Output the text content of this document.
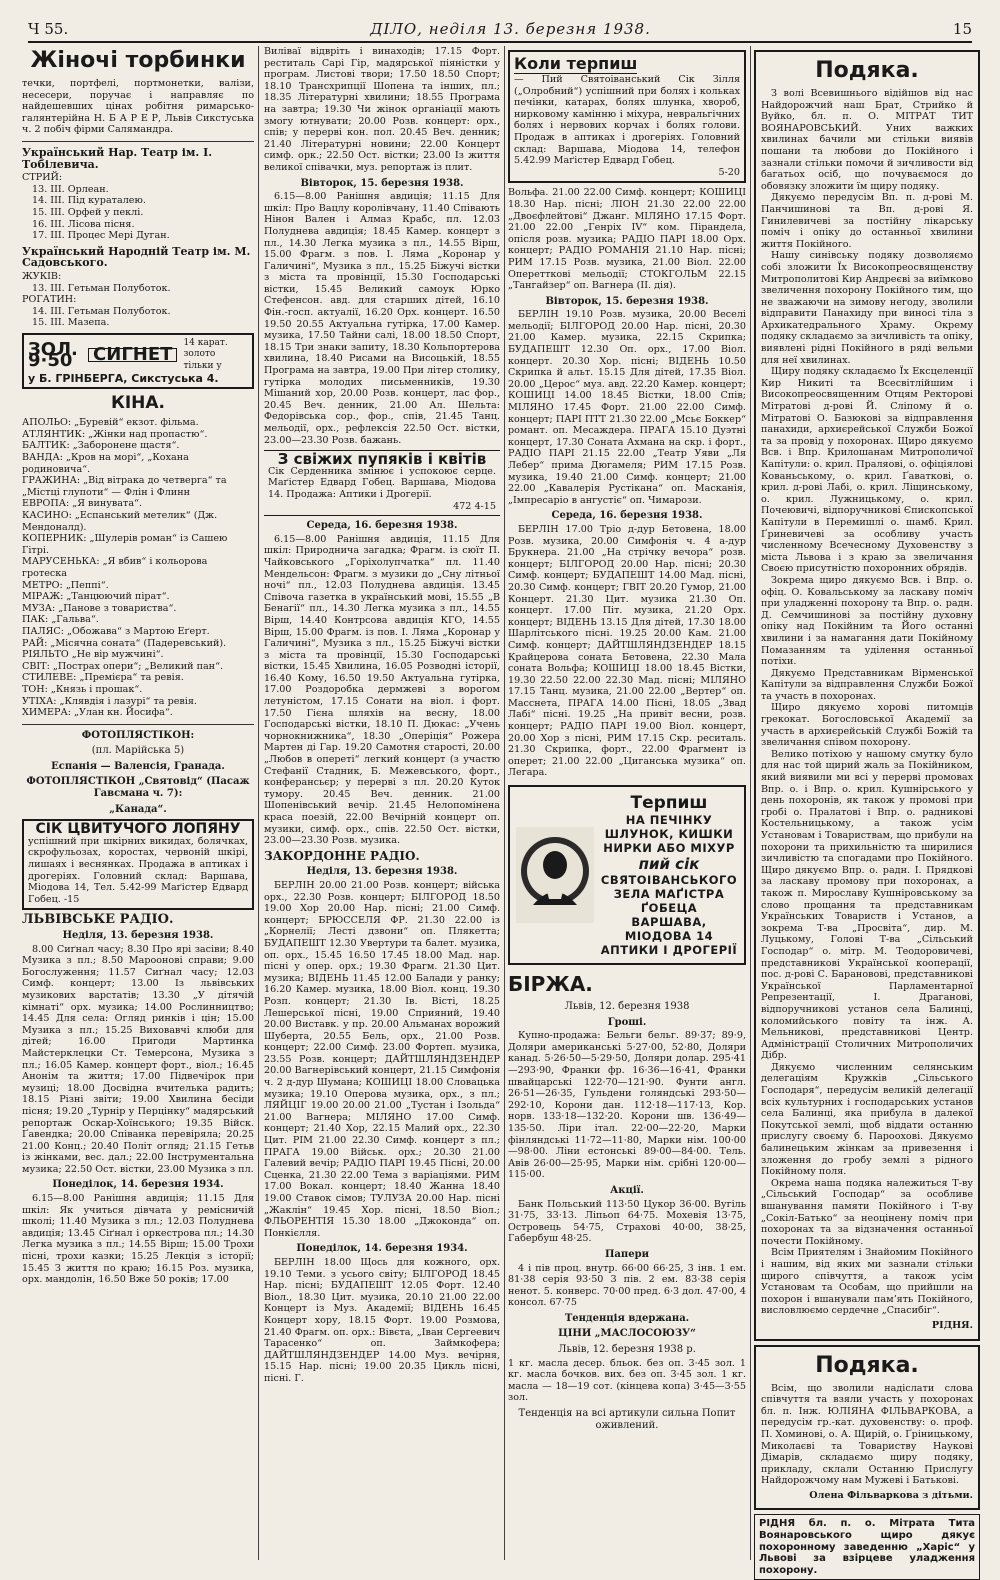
Ч 55.	ДІЛО, неділя 13. березня 1938.	15
Жіночі торбинки

течки, портфелі, портмонетки, валізи, несесери, поручає і направляє по найдешевших цінах робітня римарсько-галянтерійна Н. Б А Р Е Р, Львів Сикстуська ч. 2 побіч фірми Салямандра.

Український Нар. Театр ім. І. Тобілевича.

СТРИЙ:

13. III. Орлеан.

14. III. Під кураталею.

15. III. Орфей у пеклі.

16. III. Лісова пісня.

17. III. Процес Мері Дуган.

Український Народній Театр ім. М. Садовського.

ЖУКІВ:

13. III. Гетьман Полуботок.

РОГАТИН:

14. III. Гетьман Полуботок.

15. III. Мазепа.

ЗОЛ. 9·50	СИГНЕТ
14 карат. золото тільки у
у Б. ГРІНБЕРГА, Сикстуська 4.
КІНА.

АПОЛЬО: „Буревій“ екзот. фільма.

АТЛЯНТИК: „Жінки над пропастю“.

БАЛТИК: „Заборонене щастя“.

ВАНДА: „Кров на морі“, „Кохана родиновича“.

ГРАЖИНА: „Від вітрака до четверга“ та „Містці глупоти“ — Флін і Флинн

ЕВРОПА: „Я винувата“.

КАСИНО: „Еспанський метелик“ (Дж. Мендоналд).

КОПЕРНИК: „Шулерів роман“ із Сашею Гітрі.

МАРУСЕНЬКА: „Я вбив“ і кольорова гротеска

МЕТРО: „Пеппі“.

МІРАЖ: „Танцюючий пірат“.

МУЗА: „Панове з товариства“.

ПАК: „Гальва“.

ПАЛЯС: „Обожава“ з Мартою Еґерт.

РАЙ: „Місячна соната“ (Падеревський).

РІЯЛЬТО „Не вір мужчині“.

СВІТ: „Пострах опери“; „Великий пан“.

СТИЛЕВЕ: „Премієра“ та ревія.

ТОН: „Князь і прошак“.

УТІХА: „Клявдія і лазурі“ та ревія.

ХИМЕРА: „Улан кн. Йосифа“.

ФОТОПЛЯСТІКОН:
(пл. Марійська 5)
Еспанія — Валенсія, Гранада.
ФОТОПЛЯСТІКОН „Святовід“ (Пасаж Гавсмана ч. 7):
„Канада“.
СІК ЦВИТУЧОГО ЛОПЯНУ

успішний при шкірних викидах, болячках, скрофульозах, коростах, червоній шкірі, лишаях і веснянках. Продажа в аптиках і дрогеріях. Головний склад: Варшава, Міодова 14, Тел. 5.42-99 Маґістер Едвард Гобец. -15

ЛЬВІВСЬКЕ РАДІО.
Неділя, 13. березня 1938.

8.00 Сиґнал часу; 8.30 Про ярі засіви; 8.40 Музика з пл.; 8.50 Мароонові справи; 9.00 Богослуження; 11.57 Сиґнал часу; 12.03 Симф. концерт; 13.00 Із львівських музикових варстатів; 13.30 „У дітячій кімнаті“ орх. музика; 14.00 Рослинництво; 14.45 Для села: Огляд ринків і цін; 15.00 Музика з пл.; 15.25 Виховавчі клюби для дітей; 16.00 Пригоди Мартинка Майстерклецки Ст. Темерсона, Музика з пл.; 16.05 Камер. концерт форт., віол.; 16.45 Анонім та життя; 17.00 Підвечірок при музиці; 18.00 Досвідна вчителька радить; 18.15 Різні звіти; 19.00 Хвилина бесіди пісня; 19.20 „Турнір у Перцінку“ мадярський репортаж Оскар-Хоїнського; 19.35 Війск. Ґавендка; 20.00 Співанка перевіряла; 20.25 21.00 Конц.; 20.40 Політ огляд; 21.15 Гетьв із жінками, вес. дал.; 22.00 Інструментальна музика; 22.50 Ост. вістки, 23.00 Музика з пл.

Понеділок, 14. березня 1934.

6.15—8.00 Ранішня авдиція; 11.15 Для шкіл: Як учиться дівчата у ремісничій школі; 11.40 Музика з пл.; 12.03 Полуднева авдиція; 13.45 Сіґнал і оркестрова пл.; 14.30 Легка музика з пл.; 14.55 Вірш; 15.00 Трохи пісні, трохи казки; 15.25 Лекція з історії; 15.45 З життя по краю; 16.15 Роз. музика, орх. мандолін, 16.50 Вже 50 років; 17.00

Виліваї відвріть і винаходів; 17.15 Форт. реститаль Сарі Гір, мадярської піяністки у програм. Листові твори; 17.50 18.50 Спорт; 18.10 Трансхрипції Шопена та інших, пл.; 18.35 Літературні хвилини; 18.55 Програма на завтра; 19.30 Чи жінок органіації мають змогу ютнувати; 20.00 Розв. концерт: орх., спів; у перерві кон. пол. 20.45 Веч. денник; 21.40 Літературні новини; 22.00 Концерт симф. орк.; 22.50 Ост. вістки; 23.00 Із життя великої співачки, муз. репортаж із плит.

Вівторок, 15. березня 1938.

6.15—8.00 Ранішня авдиція; 11.15 Для шкіл: Про Вацлу королівчану, 11.40 Співають Нінон Вален і Алмаз Крабс, пл. 12.03 Полуднева авдиція; 18.45 Камер. концерт з пл., 14.30 Легка музика з пл., 14.55 Вірш, 15.00 Фрагм. з пов. І. Ляма „Коронар у Галичині“, Музика з пл., 15.25 Біжучі вістки з міста та провінції, 15.30 Господарські вістки, 15.45 Великий самоук Юрко Стефенсон. авд. для старших дітей, 16.10 Фін.-госп. актуалії, 16.20 Орх. концерт. 16.50 19.50 20.55 Актуальна гутірка, 17.00 Камер. музика, 17.50 Тайни салі, 18.00 18.50 Спорт, 18.15 Три знаки запиту, 18.30 Кольпортерова хвилина, 18.40 Рисами на Висоцькій, 18.55 Програма на завтра, 19.00 При літер столику, гутірка молодих письменників, 19.30 Мішаний хор, 20.00 Розв. концерт, лас фор., 20.45 Веч. денник, 21.00 Ал. Шельта: Федорівська сор., фор., спів, 21.45 Танц. мельодії, орх., рефлексія 22.50 Ост. вістки, 23.00—23.30 Розв. бажань.

З свіжих пупяків і квітів

Сік Серденника змінює і успокоює серце. Маґістер Едвард Гобец. Варшава, Міодова 14. Продажа: Аптики і Дрогерії.

472 4-15
Середа, 16. березня 1938.

6.15—8.00 Ранішня авдиція, 11.15 Для шкіл: Природнича загадка; Фрагм. із сюїт П. Чайковського „Горіхолупчатка“ пл. 11.40 Мендельсон: Фрагм. з музики до „Сну літньої ночі“ пл., 12.03 Полуднева авдиція. 13.45 Співоча газетка в український мові, 15.55 „В Бенагії“ пл., 14.30 Легка музика з пл., 14.55 Вірш, 14.40 Контрсова авдиція КГО, 14.55 Вірш, 15.00 Фрагм. із пов. І. Ляма „Коронар у Галичині“, Музика з пл., 15.25 Біжучі вістки з міста та провінції, 15.30 Господарські вістки, 15.45 Хвилина, 16.05 Розводні історії, 16.40 Кому, 16.50 19.50 Актуальна гутірка, 17.00 Роздоробка дермжеві з ворогом летуністом, 17.15 Сонати на віол. і форт. 17.50 Гієна шляхів на весну, 18.00 Господарські вістки, 18.10 П. Дюкас: „Учень чорнокнижника“, 18.30 „Оперіція“ Рожера Мартен ді Гар. 19.20 Самотня старості, 20.00 „Любов в опереті“ легкий концерт (з участю Стефанії Стадник, Б. Межевського, форт., конферансьєр; у перерві з пл. 20.20 Куток тумору. 20.45 Веч. денник. 21.00 Шопенівський вечір. 21.45 Нелопомінена краса поезій, 22.00 Вечірній концерт оп. музики, симф. орх., спів. 22.50 Ост. вістки, 23.00—23.30 Розв. музика.

ЗАКОРДОННЕ РАДІО.
Неділя, 13. березня 1938.

БЕРЛІН 20.00 21.00 Розв. концерт; війська орх., 22.30 Розв. концерт; БІЛГОРОД 18.50 19.00 Хор 20.00 Нар. пісні; 21.00 Симф. концерт; БРЮССЕЛЯ ФР. 21.30 22.00 із „Корнелії; Лесті дзвони“ оп. Плякетта; БУДАПЕШТ 12.30 Увертури та балет. музика, оп. орх., 15.45 16.50 17.45 18.00 Мад. нар. пісні у опер. орх.; 19.30 Фрагм. 21.30 Цит. музика; ВІДЕНЬ 11.45 12.00 Балади у ранку; 16.20 Камер. музика, 18.00 Віол. конц. 19.30 Розп. концерт; 21.30 Ів. Вісті, 18.25 Лешерської пісні, 19.00 Сприяний, 19.40 20.00 Виставк. у пр. 20.00 Альманах ворожий Шуберта, 20.55 Бель, орх., 21.00 Розв. концерт; 22.00 Симф. 23.00 Фортеп. музика, 23.55 Розв. концерт; ДАЙТШЛЯНДЗЕНДЕР 20.00 Вагнерівський концерт, 21.15 Симфонія ч. 2 д-дур Шумана; КОШИЦІ 18.00 Словацька музика; 19.10 Оперова музика, орх., з пл.; ЛЯЙЦІГ 19.00 20.00 21.00 „Тустан і Ізольда“ 21.00 Вагнера; МІЛЯНО 17.00 Симф. концерт; 21.40 Хор, 22.15 Малий орх., 22.30 Цит. РІМ 21.00 22.30 Симф. концерт з пл.; ПРАГА 19.00 Військ. орх.; 20.30 21.00 Галевий вечір; РАДІО ПАРІ 19.45 Пісні, 20.00 Сценка, 21.30 22.00 Тема з варіаціями. РИМ 17.00 Вокал. концерт; 18.40 Жанна 18.40 19.00 Ставок сімов; ТУЛУЗА 20.00 Нар. пісні „Жаклін“ 19.45 Хор. пісні, 18.50 Віол.; ФЛЬОРЕНТІЯ 15.30 18.00 „Джоконда“ оп. Понкієлля.

Понеділок, 14. березня 1934.

БЕРЛІН 18.00 Щось для кожного, орх. 19.10 Теми. з усього світу; БІЛГОРОД 18.45 Нар. пісні; БУДАПЕШТ 12.05 Форт. 12.40 Віол., 18.30 Цит. музика, 20.10 21.00 22.00 Концерт із Муз. Академії; ВІДЕНЬ 16.45 Концерт хору, 18.15 Форт. 19.00 Розмова, 21.40 Фрагм. оп. орх.: Вівєта, „Іван Сергеевич Тарасенко“ оп. Займкофера; ДАЙТШЛЯНДЗЕНДЕР 14.00 Муз. вечірня, 15.15 Нар. пісні; 19.00 20.35 Цикль пісні, пісні. Г.

Коли терпиш

— Пий Святоіванський Сік Зілля („Олробний“) успішний при болях і кольках печінки, катарах, болях шлунка, хвороб, нирковому камінню і міхура, невральгічних болях і нервових корчах і болях голови. Продаж в аптиках і дрогеріях. Головний склад: Варшава, Міодова 14, телефон 5.42.99 Маґістер Едвард Гобец.

5-20

Вольфа. 21.00 22.00 Симф. концерт; КОШИЦІ 18.30 Нар. пісні; ЛІОН 21.30 22.00 22.00 „Двоєфлейтові“ Джанг. МІЛЯНО 17.15 Форт. 21.00 22.00 „Генріх IV“ ком. Пірандела, опісля розв. музика; РАДІО ПАРІ 18.00 Орх. концерт; РАДІО РОМАНІЯ 21.10 Нар. пісні; РИМ 17.15 Розв. музика, 21.00 Віол. 22.00 Оперетткові мельодії; СТОКГОЛЬМ 22.15 „Тангайзер“ оп. Вагнера (II. дія).

Вівторок, 15. березня 1938.

БЕРЛІН 19.10 Розв. музика, 20.00 Веселі мельодії; БІЛГОРОД 20.00 Нар. пісні, 20.30 21.00 Камер. музика, 22.15 Скрипка; БУДАПЕШТ 12.30 Оп. орх., 17.00 Віол. концерт. 20.30 Хор. пісні; ВІДЕНЬ 10.50 Скрипка й альт. 15.15 Для дітей, 17.35 Віол. 20.00 „Церос“ муз. авд. 22.20 Камер. концерт; КОШИЦІ 14.00 18.45 Вістки, 18.00 Спів; МІЛЯНО 17.45 Форт. 21.00 22.00 Симф. концерт; ПАРІ ПТТ 21.30 22.00 „Мсьє Боккер“ романт. оп. Месаждера. ПРАГА 15.10 Дуэтні концерт, 17.30 Соната Ахмана на скр. і форт., РАДІО ПАРІ 21.15 22.00 „Театр Уяви „Ля Лебер“ прима Дюгамеля; РИМ 17.15 Розв. музика, 19.40 21.00 Симф. концерт; 21.00 22.00 „Кавалерія Рустікана“ оп. Масканія, „Імпресаріо в ангустіє“ оп. Чимарози.

Середа, 16. березня 1938.

БЕРЛІН 17.00 Тріо д-дур Бетовена, 18.00 Розв. музика, 20.00 Симфонія ч. 4 а-дур Брукнера. 21.00 „На стрічку вечора“ розв. концерт; БІЛГОРОД 20.00 Нар. пісні; 20.30 Симф. концерт; БУДАПЕШТ 14.00 Мад. пісні, 20.30 Симф. концерт; ГВІТ 20.20 Гумор, 21.00 Концерт. 21.30 Цит. музика 21.30 Оп. концерт. 17.00 Піт. музика, 21.20 Орх. концерт; ВІДЕНЬ 13.15 Для дітей, 17.30 18.00 Шарлітського пісні. 19.25 20.00 Кам. 21.00 Симф. концерт; ДАЙТШЛЯНДЗЕНДЕР 18.15 Крайцерова соната Бетовена, 22.30 Мала соната Вольфа; КОШИЦІ 18.00 18.45 Вістки, 19.30 22.50 22.00 22.30 Мад. пісні; МІЛЯНО 17.15 Танц. музика, 21.00 22.00 „Вертер“ оп. Масснета, ПРАГА 14.00 Пісні, 18.05 „Звад Лабі“ пісні. 19.25 „На привіт весни, розв. концерт; РАДІО ПАРІ 19.00 Віол. концерт, 20.00 Хор з пісні, РИМ 17.15 Скр. реситаль. 21.30 Скрипка, форт., 22.00 Фрагмент із оперет; 21.00 22.00 „Циганська музика“ оп. Легара.

Терпиш
НА ПЕЧІНКУ ШЛУНОК, КИШКИ НИРКИ АБО МІХУР
пий сік
СВЯТОІВАНСЬКОГО ЗЕЛА МАҐІСТРА ҐОБЕЦА
ВАРШАВА, МІОДОВА 14 АПТИКИ І ДРОГЕРІЇ
БІРЖА.
Львів, 12. березня 1938
Гроші.

Купно-продажа: Бельги бельг. 89·37; 89·9, Доляри американські 5·27·00, 52·80, Доляри канад. 5·26·50—5·29·50, Доляри долар. 295·41—293·90, Франки фр. 16·36—16·41, Франки швайцарські 122·70—121·90. Фунти англ. 26·51—26·35, Гульдени голяндські 293·50—292·10, Корони дан. 112·18—117·13, Кор. норв. 133·18—132·20. Корони шв. 136·49—135·50. Ліри італ. 22·00—22·20, Марки фінляндські 11·72—11·80, Марки нім. 100·00—98·00. Ліни естонські 89·00—84·00. Тель. Авів 26·00—25·95, Марки нім. срібні 120·00—115·00.

Акції.

Банк Польський 113·50 Цукор 36·00. Вугіль 31·75, 33·13. Ліпьоп 64·75. Мохевія 13·75, Островець 54·75, Страхові 40·00, 38·25, Габербуш 48·25.

Папери

4 і пів проц. внутр. 66·00 66·25, 3 інв. 1 ем. 81·38 серія 93·50 3 пів. 2 ем. 83·38 серія ненот. 5. конверс. 70·00 пред. 6·3 дол. 47·00, 4 консол. 67·75

Тенденція вдержана.
ЦІНИ „МАСЛОСОЮЗУ“
Львів, 12. березня 1938 р.

1 кг. масла десер. бльок. без оп. 3·45 зол. 1 кг. масла бочков. вих. без оп. 3·45 зол. 1 кг. масла — 18—19 сот. (кінцева копа) 3·45—3·55 зол.

Тенденція на всі артикули сильна Попит оживлений.
Подяка.

З волі Всевишнього відійшов від нас Найдорожчий наш Брат, Стрийко й Вуйко, бл. п. О. МІТРАТ ТИТ ВОЯНАРОВСЬКИЙ. Уних важких хвилинах бачили ми стільки виявів пошани та любови до Покійного і зазнали стільки помочи й зичливости від багатьох осіб, що почуваємося до обовязку зложити їм щиру подяку.

Дякуємо передусім Вп. п. д-рові М. Панчишинові та Вп. д-рові Я. Гинилевичеві за постійну лікарську поміч і опіку до останньої хвилини життя Покійного.

Нашу синівську подяку дозволяємо собі зложити Їх Високопреосвященству Митрополитові Кир Андреєві за виїмково звеличення похорону Покійного тим, що не зважаючи на зимову негоду, зволили відправити Панахиду при виносі тіла з Архикатедрального Храму. Окрему подяку складаємо за зичливість та опіку, виявлені рідні Покійного в ряді вельми для неї хвилинах.

Щиру подяку складаємо Їх Ексцеленції Кир Никиті та Всесвітлійшим і Високопреосвященним Отцям Ректорові Мітратові д-рові Й. Сліпому й о. Мітратові О. Базюкові за відправлення панахиди, архиєрейської Служби Божої та за провід у похоронах. Щиро дякуємо Всв. і Впр. Крилошанам Митрополичої Капітули: о. крил. Праляові, о. офіціялові Кованьському, о. крил. Ґаваткові, о. крил. д-рові Лабі, о. крил. Ліщинському, о. крил. Лужницькому, о. крил. Почеювичі, відпоручникові Єпископської Капітули в Перемишлі о. шамб. Крил. Ґриневичеві за особливу участь численному Всечесному Духовенству з міста Львова і з краю за звеличання Своєю присутністю похоронних обрядів.

Зокрема щиро дякуємо Всв. і Впр. о. офіц. О. Ковальському за ласкаву поміч при уладженні похорону та Впр. о. радн. Д. Семчишинові за постійну духовну опіку над Покійним та Його останні хвилини і за намагання дати Покійному Помазанням та уділення останньої потіхи.

Дякуємо Представникам Вірменської Капітули за відправлення Служби Божої та участь в похоронах.

Щиро дякуємо хорові питомців грекокат. Богословської Академії за участь в архиєрейській Службі Божій та звеличання співом похорону.

Велико потіхою у нашому смутку було для нас той щирий жаль за Покійником, який виявили ми всі у перерві промовах Впр. о. і Впр. о. крил. Кушнірського у день похоронів, як також у промові при гробі о. Пралатові і Впр. о. радникові Костельницькому, а також усім Установам і Товариствам, що прибули на похорони та прихильністю та ширилися зичливістю та спогадами про Покійного. Щиро дякуємо Впр. о. радн. І. Прядкові за ласкаву промову при похоронах, а також п. Мирославу Кушніровському за слово прощання та представникам Українських Товариств і Установ, а зокрема Т-ва „Просвіта“, дир. М. Луцькому, Голові Т-ва „Сільський Господар“ о. мітр. М. Теодоровичеві, представникові Української кооперації, пос. д-рові С. Барановові, представникові Української Парламентарної Репрезентації, І. Драганові, відпоручникові установ села Балинці, коломийського повіту та інж. А. Мельникові, представникові Центр. Адміністрації Столичних Митрополичих Дібр.

Дякуємо численним селянським делегаціям Кружків „Сільського Господаря“, передусім великій делегації всіх культурних і господарських установ села Балинці, яка прибула в далекої Покутської землі, щоб віддати останню прислугу своєму б. Пароохові. Дякуємо балинецьким жінкам за привезення і зложення до гробу землі з рідного Покійному поля.

Окрема наша подяка належиться Т-ву „Сільський Господар“ за особливе вшанування памяти Покійного і Т-ву „Сокіл-Батько“ за неоцінену поміч при похоронах та за відзначення останньої почести Покійному.

Всім Приятелям і Знайомим Покійного і нашим, від яких ми зазнали стільки щирого співчуття, а також усім Установам та Особам, що прийшли на похорон і вшанували памʼять Покійного, висловлюємо сердечне „Спасибіг“.

РІДНЯ.
Подяка.

Всім, що зволили надіслати слова співчуття та взяли участь у похоронах бл. п. Інж. ЮЛІЯНА ФІЛЬВАРКОВА, а передусім гр.-кат. духовенству: о. проф. П. Хоминові, о. А. Щирій, о. Ґріницькому, Миколаєві та Товариству Наукові Дімарів, складаємо щиру подяку, прикладу, склали Останню Прислугу Найдорожчому нам Мужеві і Батькові.

Олена Фільваркова з дітьми.

РІДНЯ бл. п. о. Мітрата Тита Воянаровського щиро дякує похоронному заведенню „Харіс“ у Львові за взірцеве уладження похорону.
